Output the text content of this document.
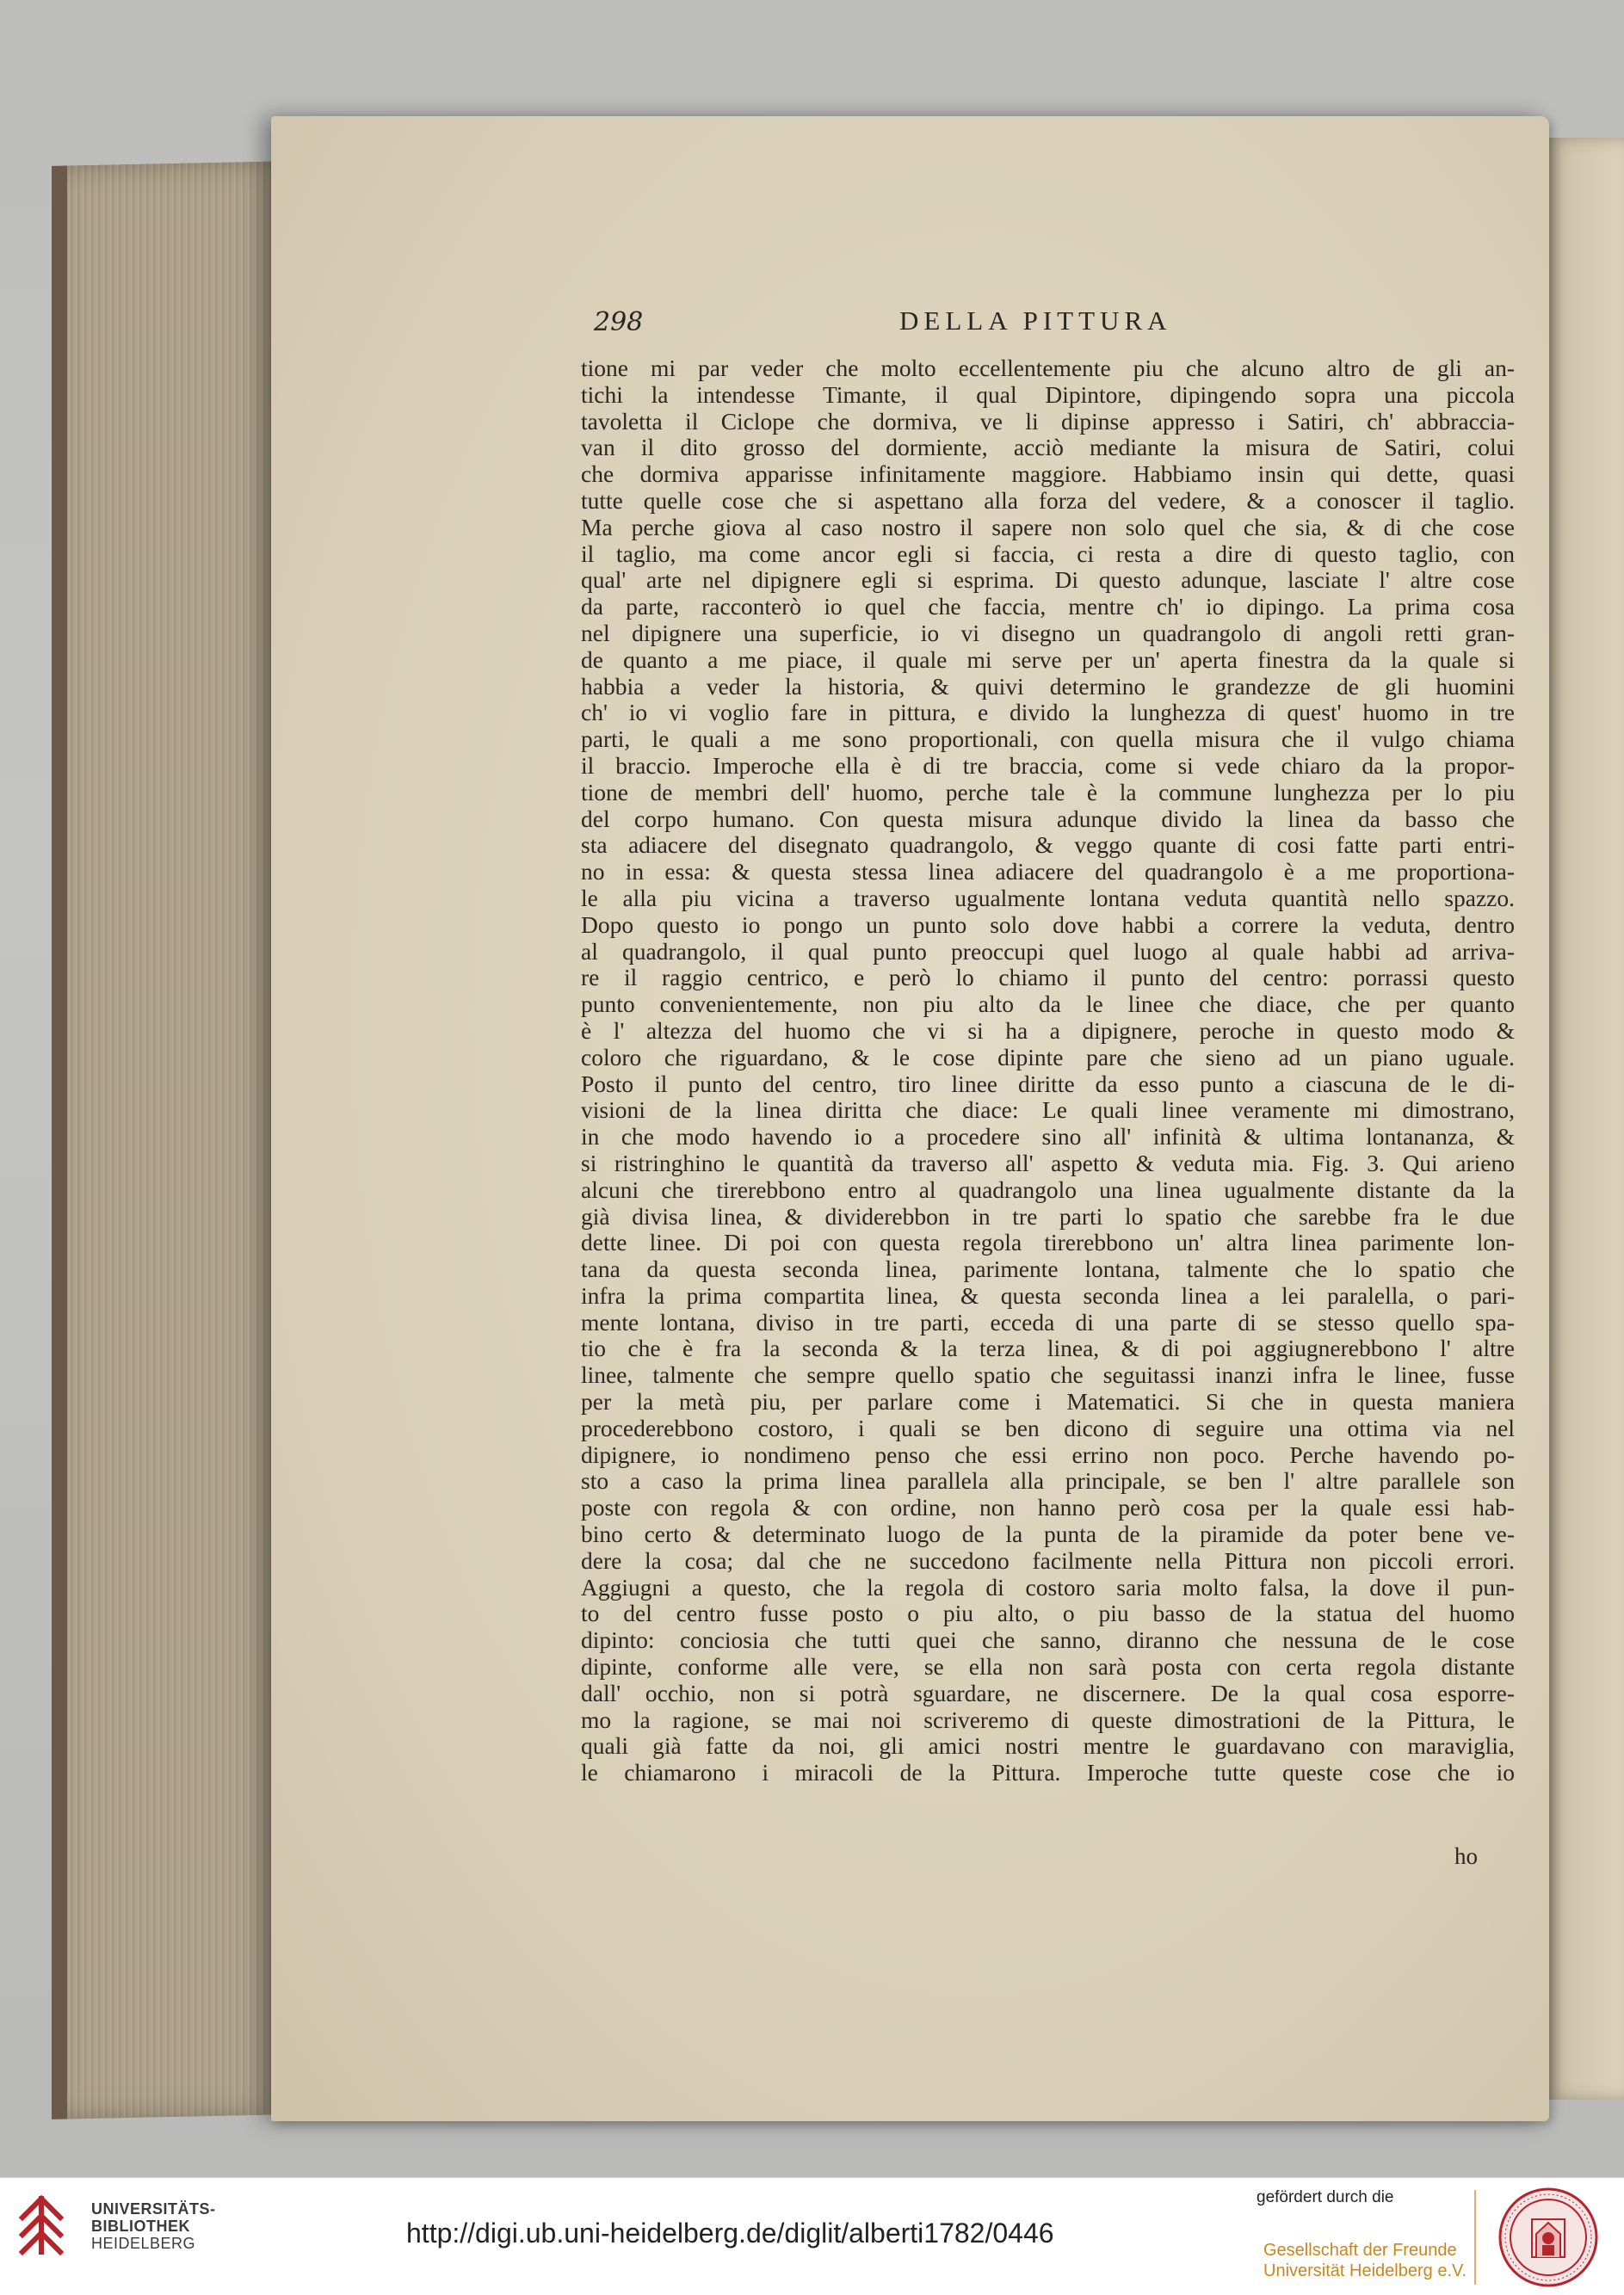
298	DELLA PITTURA
tione mi par veder che molto eccellentemente piu che alcuno altro de gli an-
tichi la intendesse Timante, il qual Dipintore, dipingendo sopra una piccola
tavoletta il Ciclope che dormiva, ve li dipinse appresso i Satiri, ch' abbraccia-
van il dito grosso del dormiente, acciò mediante la misura de Satiri, colui
che dormiva apparisse infinitamente maggiore. Habbiamo insin qui dette, quasi
tutte quelle cose che si aspettano alla forza del vedere, & a conoscer il taglio.
Ma perche giova al caso nostro il sapere non solo quel che sia, & di che cose
il taglio, ma come ancor egli si faccia, ci resta a dire di questo taglio, con
qual' arte nel dipignere egli si esprima. Di questo adunque, lasciate l' altre cose
da parte, racconterò io quel che faccia, mentre ch' io dipingo. La prima cosa
nel dipignere una superficie, io vi disegno un quadrangolo di angoli retti gran-
de quanto a me piace, il quale mi serve per un' aperta finestra da la quale si
habbia a veder la historia, & quivi determino le grandezze de gli huomini
ch' io vi voglio fare in pittura, e divido la lunghezza di quest' huomo in tre
parti, le quali a me sono proportionali, con quella misura che il vulgo chiama
il braccio. Imperoche ella è di tre braccia, come si vede chiaro da la propor-
tione de membri dell' huomo, perche tale è la commune lunghezza per lo piu
del corpo humano. Con questa misura adunque divido la linea da basso che
sta adiacere del disegnato quadrangolo, & veggo quante di cosi fatte parti entri-
no in essa: & questa stessa linea adiacere del quadrangolo è a me proportiona-
le alla piu vicina a traverso ugualmente lontana veduta quantità nello spazzo.
Dopo questo io pongo un punto solo dove habbi a correre la veduta, dentro
al quadrangolo, il qual punto preoccupi quel luogo al quale habbi ad arriva-
re il raggio centrico, e però lo chiamo il punto del centro: porrassi questo
punto convenientemente, non piu alto da le linee che diace, che per quanto
è l' altezza del huomo che vi si ha a dipignere, peroche in questo modo &
coloro che riguardano, & le cose dipinte pare che sieno ad un piano uguale.
Posto il punto del centro, tiro linee diritte da esso punto a ciascuna de le di-
visioni de la linea diritta che diace: Le quali linee veramente mi dimostrano,
in che modo havendo io a procedere sino all' infinità & ultima lontananza, &
si ristringhino le quantità da traverso all' aspetto & veduta mia. Fig. 3. Qui arieno
alcuni che tirerebbono entro al quadrangolo una linea ugualmente distante da la
già divisa linea, & dividerebbon in tre parti lo spatio che sarebbe fra le due
dette linee. Di poi con questa regola tirerebbono un' altra linea parimente lon-
tana da questa seconda linea, parimente lontana, talmente che lo spatio che
infra la prima compartita linea, & questa seconda linea a lei paralella, o pari-
mente lontana, diviso in tre parti, ecceda di una parte di se stesso quello spa-
tio che è fra la seconda & la terza linea, & di poi aggiugnerebbono l' altre
linee, talmente che sempre quello spatio che seguitassi inanzi infra le linee, fusse
per la metà piu, per parlare come i Matematici. Si che in questa maniera
procederebbono costoro, i quali se ben dicono di seguire una ottima via nel
dipignere, io nondimeno penso che essi errino non poco. Perche havendo po-
sto a caso la prima linea parallela alla principale, se ben l' altre parallele son
poste con regola & con ordine, non hanno però cosa per la quale essi hab-
bino certo & determinato luogo de la punta de la piramide da poter bene ve-
dere la cosa; dal che ne succedono facilmente nella Pittura non piccoli errori.
Aggiugni a questo, che la regola di costoro saria molto falsa, la dove il pun-
to del centro fusse posto o piu alto, o piu basso de la statua del huomo
dipinto: conciosia che tutti quei che sanno, diranno che nessuna de le cose
dipinte, conforme alle vere, se ella non sarà posta con certa regola distante
dall' occhio, non si potrà sguardare, ne discernere. De la qual cosa esporre-
mo la ragione, se mai noi scriveremo di queste dimostrationi de la Pittura, le
quali già fatte da noi, gli amici nostri mentre le guardavano con maraviglia,
le chiamarono i miracoli de la Pittura. Imperoche tutte queste cose che io
ho
UNIVERSITÄTS-
BIBLIOTHEK
HEIDELBERG	http://digi.ub.uni-heidelberg.de/diglit/alberti1782/0446
gefördert durch die
Gesellschaft der Freunde
Universität Heidelberg e.V.
